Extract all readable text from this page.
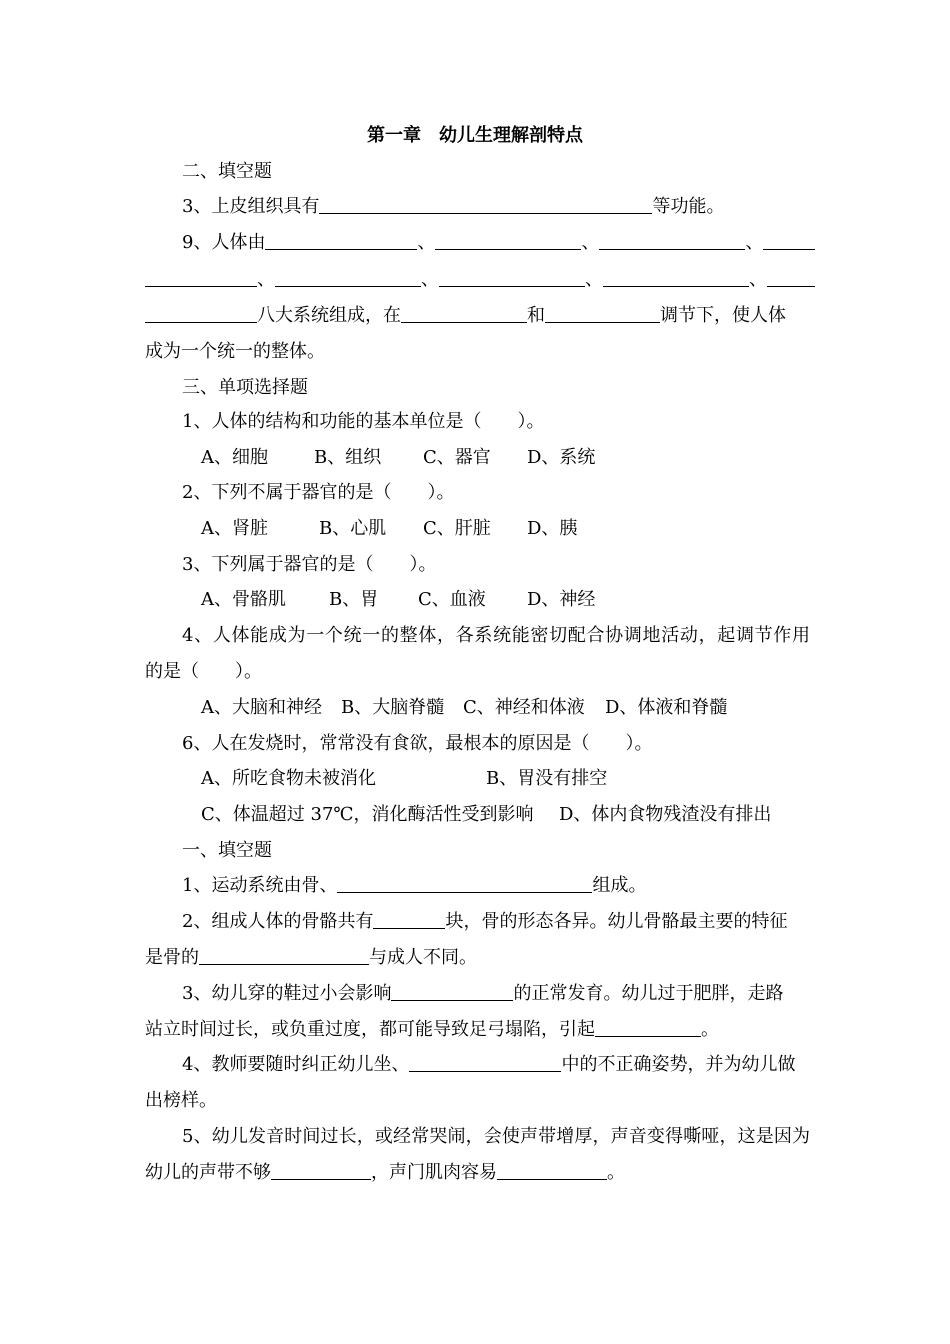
第一章　幼儿生理解剖特点
二、填空题
3、上皮组织具有	等功能。
9、人体由	、	、	、
、	、	、	、
八大系统组成，在	和	调节下，使人体
成为一个统一的整体。
三、单项选择题
1、人体的结构和功能的基本单位是（　　）。
A、细胞	B、组织 C、器官 D、系统
2、下列不属于器官的是（　　）。
A、肾脏	B、心肌 C、肝脏 D、胰
3、下列属于器官的是（　　）。
A、骨骼肌 B、胃 C、血液 D、神经
4、人体能成为一个统一的整体，各系统能密切配合协调地活动，起调节作用
的是（　　）。
A、大脑和神经 B、大脑脊髓 C、神经和体液 D、体液和脊髓
6、人在发烧时，常常没有食欲，最根本的原因是（　　）。
A、所吃食物未被消化	B、胃没有排空
C、体温超过 37℃，消化酶活性受到影响 D、体内食物残渣没有排出
一、填空题
1、运动系统由骨、	组成。
2、组成人体的骨骼共有	块，骨的形态各异。幼儿骨骼最主要的特征
是骨的	与成人不同。
3、幼儿穿的鞋过小会影响	的正常发育。幼儿过于肥胖，走路
站立时间过长，或负重过度，都可能导致足弓塌陷，引起	。
4、教师要随时纠正幼儿坐、	中的不正确姿势，并为幼儿做
出榜样。
5、幼儿发音时间过长，或经常哭闹，会使声带增厚，声音变得嘶哑，这是因为
幼儿的声带不够	，声门肌肉容易	。
